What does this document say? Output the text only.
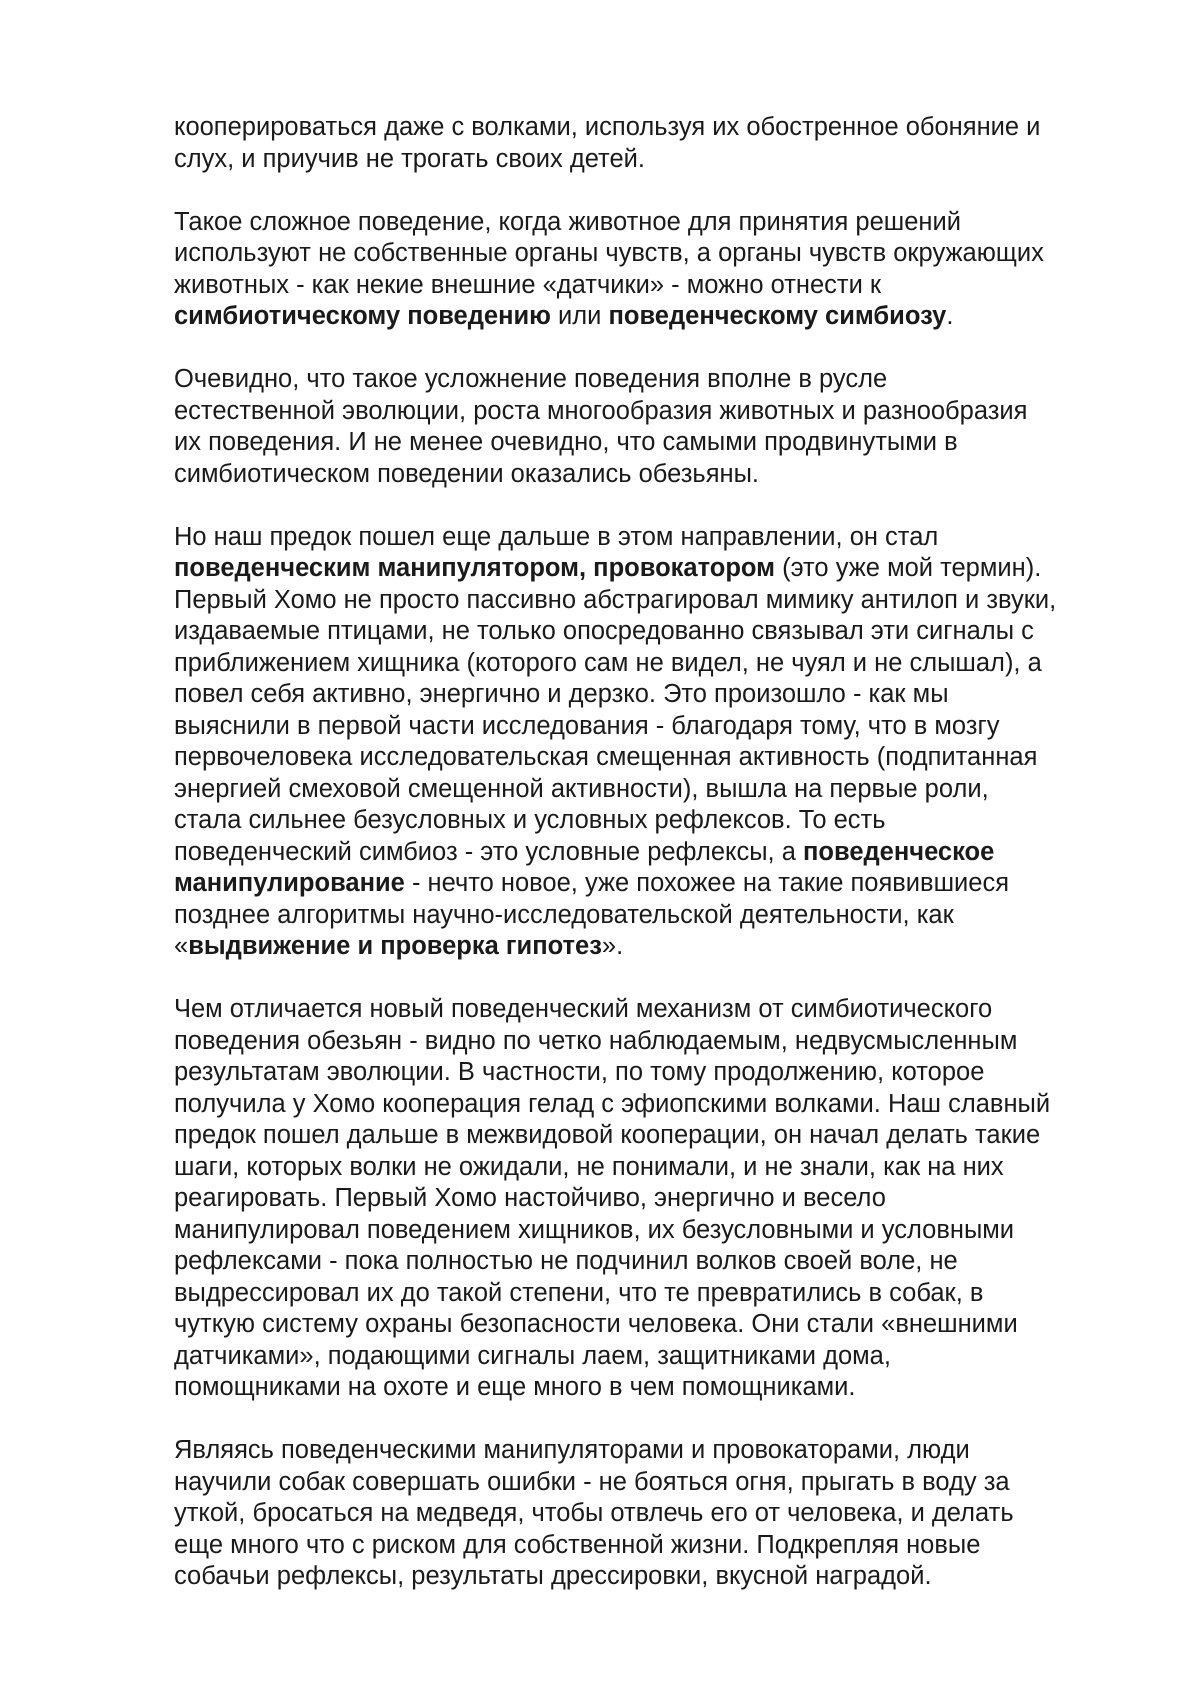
кооперироваться даже с волками, используя их обостренное обоняние и
слух, и приучив не трогать своих детей.

Такое сложное поведение, когда животное для принятия решений
используют не собственные органы чувств, а органы чувств окружающих
животных - как некие внешние «датчики» - можно отнести к
симбиотическому поведению или поведенческому симбиозу.

Очевидно, что такое усложнение поведения вполне в русле
естественной эволюции, роста многообразия животных и разнообразия
их поведения. И не менее очевидно, что самыми продвинутыми в
симбиотическом поведении оказались обезьяны.

Но наш предок пошел еще дальше в этом направлении, он стал
поведенческим манипулятором, провокатором (это уже мой термин).
Первый Хомо не просто пассивно абстрагировал мимику антилоп и звуки,
издаваемые птицами, не только опосредованно связывал эти сигналы с
приближением хищника (которого сам не видел, не чуял и не слышал), а
повел себя активно, энергично и дерзко. Это произошло - как мы
выяснили в первой части исследования - благодаря тому, что в мозгу
первочеловека исследовательская смещенная активность (подпитанная
энергией смеховой смещенной активности), вышла на первые роли,
стала сильнее безусловных и условных рефлексов. То есть
поведенческий симбиоз - это условные рефлексы, а поведенческое
манипулирование - нечто новое, уже похожее на такие появившиеся
позднее алгоритмы научно-исследовательской деятельности, как
«выдвижение и проверка гипотез».

Чем отличается новый поведенческий механизм от симбиотического
поведения обезьян - видно по четко наблюдаемым, недвусмысленным
результатам эволюции. В частности, по тому продолжению, которое
получила у Хомо кооперация гелад с эфиопскими волками. Наш славный
предок пошел дальше в межвидовой кооперации, он начал делать такие
шаги, которых волки не ожидали, не понимали, и не знали, как на них
реагировать. Первый Хомо настойчиво, энергично и весело
манипулировал поведением хищников, их безусловными и условными
рефлексами - пока полностью не подчинил волков своей воле, не
выдрессировал их до такой степени, что те превратились в собак, в
чуткую систему охраны безопасности человека. Они стали «внешними
датчиками», подающими сигналы лаем, защитниками дома,
помощниками на охоте и еще много в чем помощниками.

Являясь поведенческими манипуляторами и провокаторами, люди
научили собак совершать ошибки - не бояться огня, прыгать в воду за
уткой, бросаться на медведя, чтобы отвлечь его от человека, и делать
еще много что с риском для собственной жизни. Подкрепляя новые
собачьи рефлексы, результаты дрессировки, вкусной наградой.
